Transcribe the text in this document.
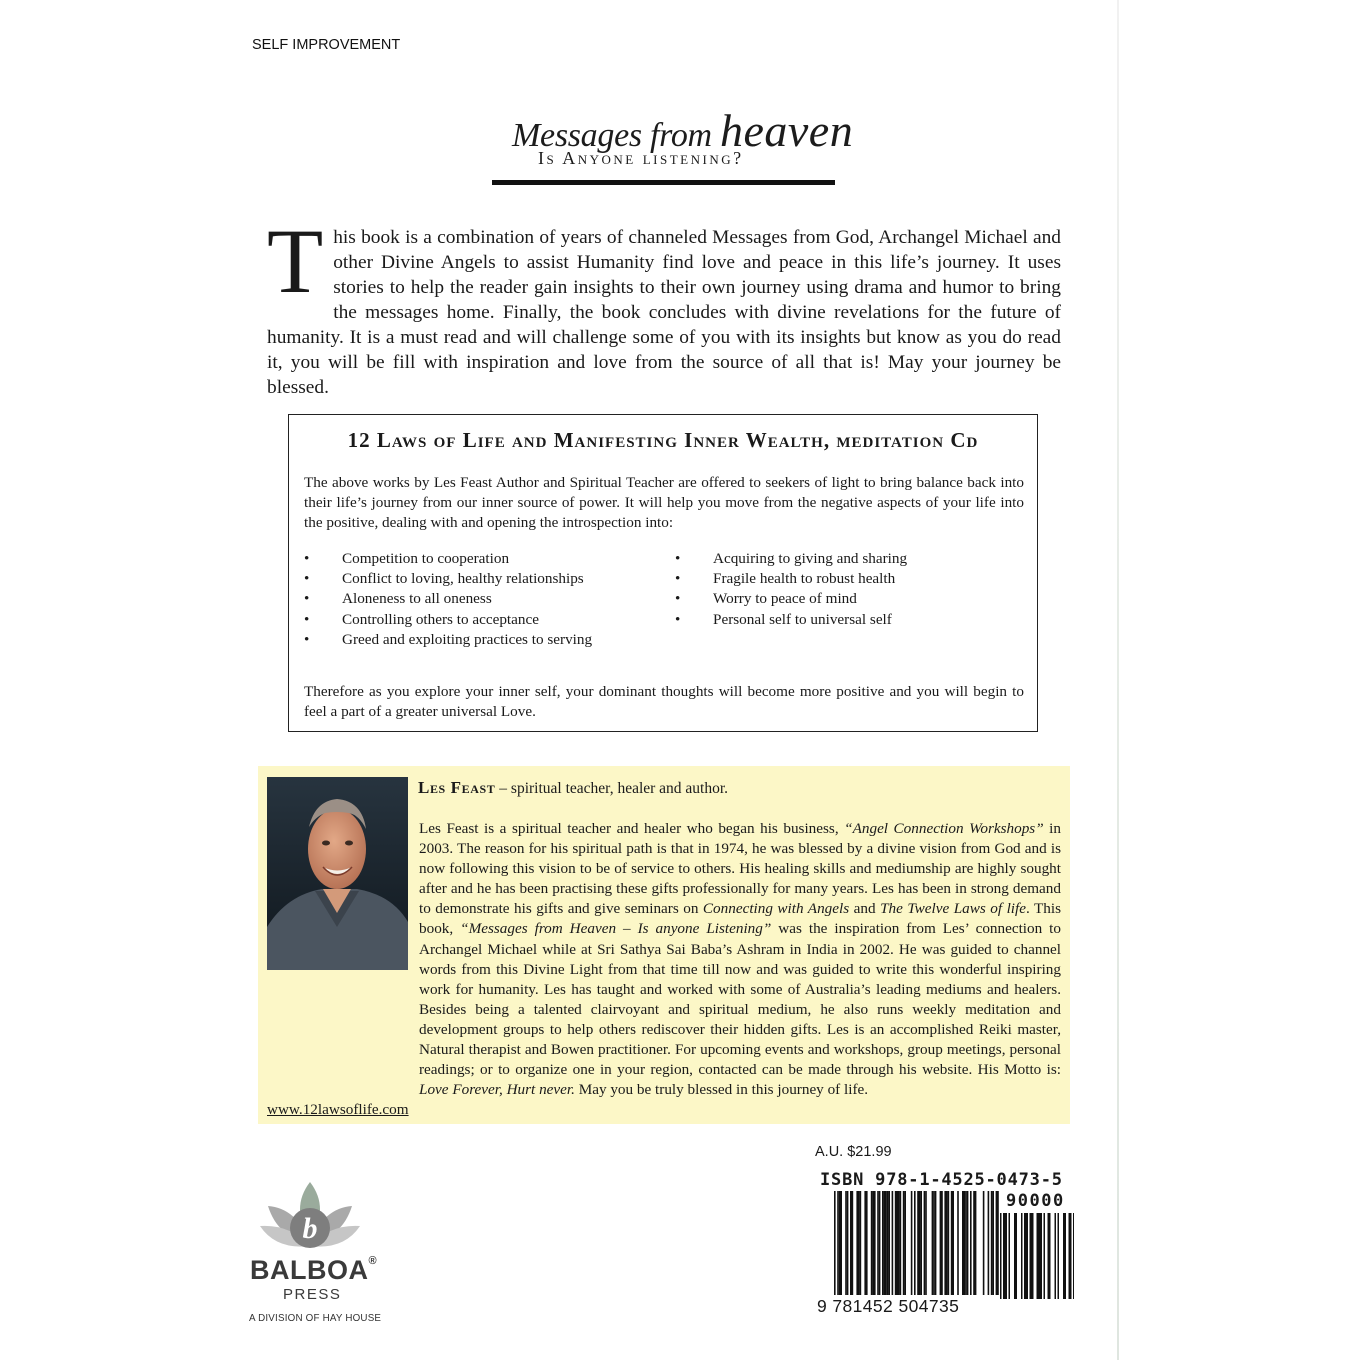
SELF IMPROVEMENT
Messages from heaven
Is Anyone listening?
This book is a combination of years of channeled Messages from God, Archangel Michael and other Divine Angels to assist Humanity find love and peace in this life’s journey. It uses stories to help the reader gain insights to their own journey using drama and humor to bring the messages home. Finally, the book concludes with divine revelations for the future of humanity. It is a must read and will challenge some of you with its insights but know as you do read it, you will be fill with inspiration and love from the source of all that is! May your journey be blessed.
12 Laws of Life and Manifesting Inner Wealth, meditation Cd
The above works by Les Feast Author and Spiritual Teacher are offered to seekers of light to bring balance back into their life’s journey from our inner source of power. It will help you move from the negative aspects of your life into the positive, dealing with and opening the introspection into:
• Competition to cooperation
• Conflict to loving, healthy relationships
• Aloneness to all oneness
• Controlling others to acceptance
• Greed and exploiting practices to serving
• Acquiring to giving and sharing
• Fragile health to robust health
• Worry to peace of mind
• Personal self to universal self
Therefore as you explore your inner self, your dominant thoughts will become more positive and you will begin to feel a part of a greater universal Love.
Les Feast – spiritual teacher, healer and author.
Les Feast is a spiritual teacher and healer who began his business, “Angel Connection Workshops” in 2003. The reason for his spiritual path is that in 1974, he was blessed by a divine vision from God and is now following this vision to be of service to others. His healing skills and mediumship are highly sought after and he has been practising these gifts professionally for many years. Les has been in strong demand to demonstrate his gifts and give seminars on Connecting with Angels and The Twelve Laws of life. This book, “Messages from Heaven – Is anyone Listening” was the inspiration from Les’ connection to Archangel Michael while at Sri Sathya Sai Baba’s Ashram in India in 2002. He was guided to channel words from this Divine Light from that time till now and was guided to write this wonderful inspiring work for humanity. Les has taught and worked with some of Australia’s leading mediums and healers. Besides being a talented clairvoyant and spiritual medium, he also runs weekly meditation and development groups to help others rediscover their hidden gifts. Les is an accomplished Reiki master, Natural therapist and Bowen practitioner. For upcoming events and workshops, group meetings, personal readings; or to organize one in your region, contacted can be made through his website. His Motto is: Love Forever, Hurt never. May you be truly blessed in this journey of life.
www.12lawsoflife.com
A.U. $21.99
ISBN 978-1-4525-0473-5
90000
9 781452 504735
b
BALBOA®
PRESS
A DIVISION OF HAY HOUSE
